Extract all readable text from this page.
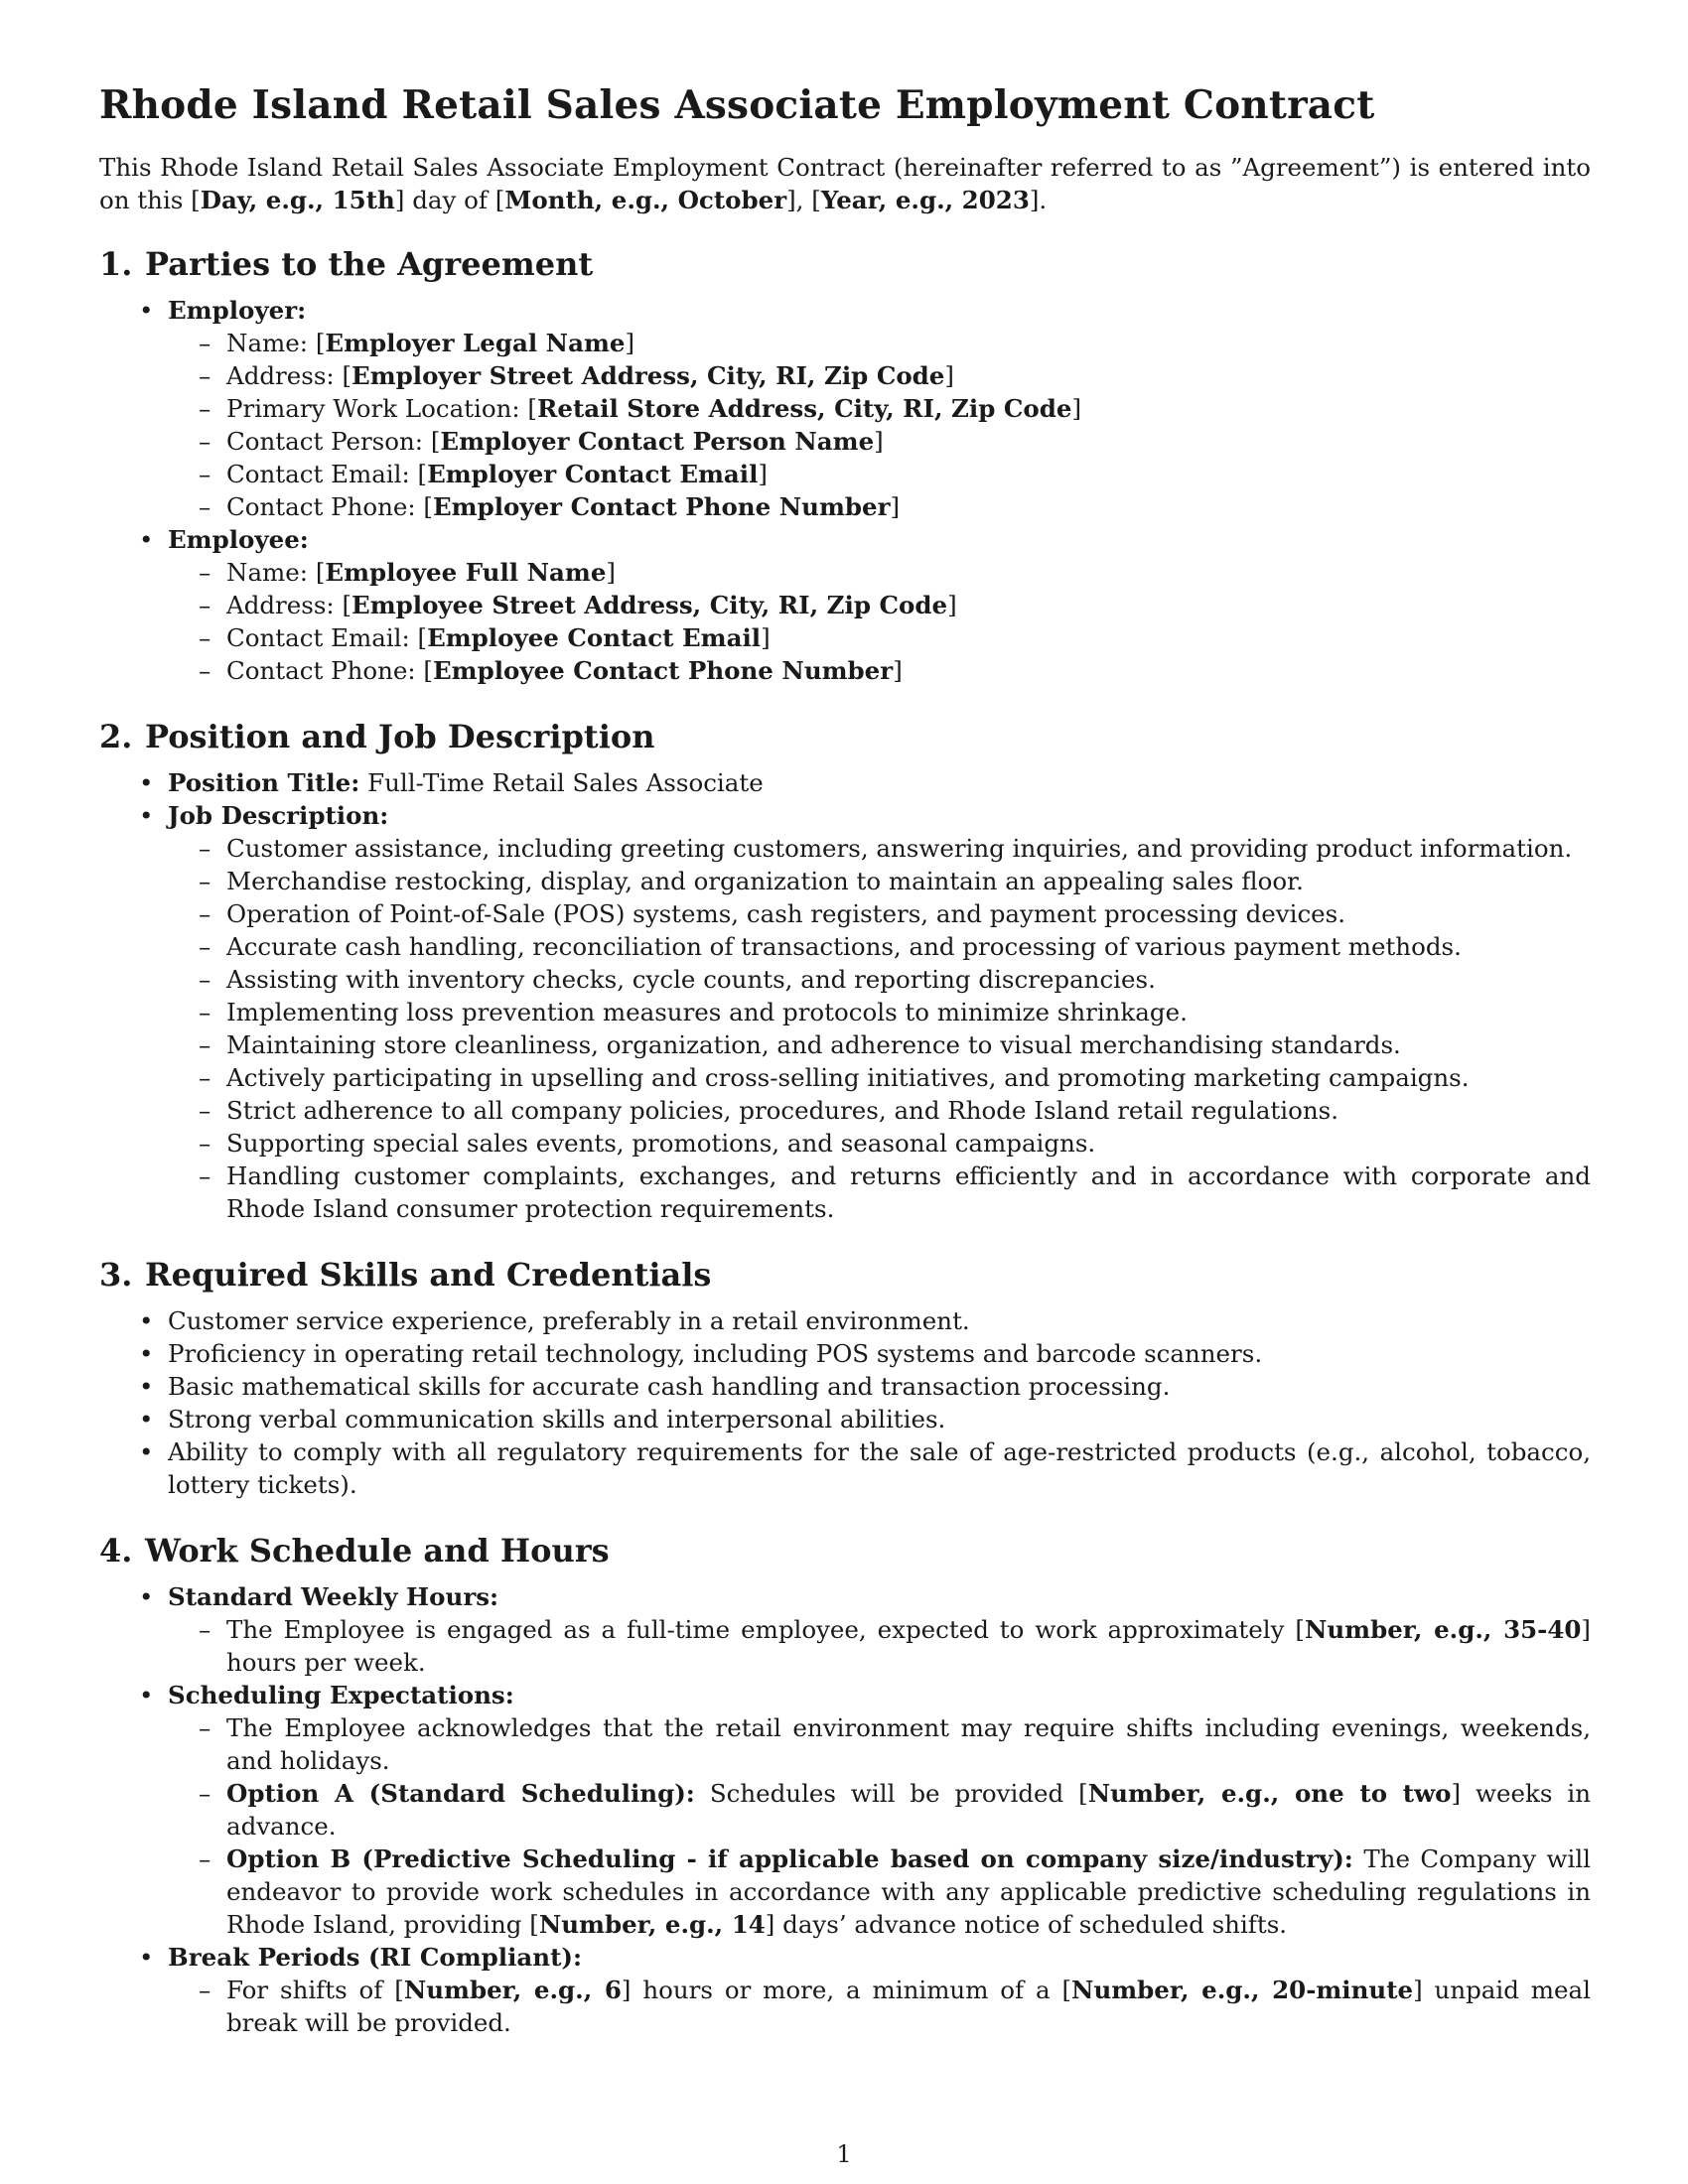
Rhode Island Retail Sales Associate Employment Contract

This Rhode Island Retail Sales Associate Employment Contract (hereinafter referred to as ”Agreement”) is entered into on this [Day, e.g., 15th] day of [Month, e.g., October], [Year, e.g., 2023].

1. Parties to the Agreement
• Employer:
– Name: [Employer Legal Name]
– Address: [Employer Street Address, City, RI, Zip Code]
– Primary Work Location: [Retail Store Address, City, RI, Zip Code]
– Contact Person: [Employer Contact Person Name]
– Contact Email: [Employer Contact Email]
– Contact Phone: [Employer Contact Phone Number]
• Employee:
– Name: [Employee Full Name]
– Address: [Employee Street Address, City, RI, Zip Code]
– Contact Email: [Employee Contact Email]
– Contact Phone: [Employee Contact Phone Number]
2. Position and Job Description
• Position Title: Full-Time Retail Sales Associate
• Job Description:
– Customer assistance, including greeting customers, answering inquiries, and providing product information.
– Merchandise restocking, display, and organization to maintain an appealing sales floor.
– Operation of Point-of-Sale (POS) systems, cash registers, and payment processing devices.
– Accurate cash handling, reconciliation of transactions, and processing of various payment methods.
– Assisting with inventory checks, cycle counts, and reporting discrepancies.
– Implementing loss prevention measures and protocols to minimize shrinkage.
– Maintaining store cleanliness, organization, and adherence to visual merchandising standards.
– Actively participating in upselling and cross-selling initiatives, and promoting marketing campaigns.
– Strict adherence to all company policies, procedures, and Rhode Island retail regulations.
– Supporting special sales events, promotions, and seasonal campaigns.
– Handling customer complaints, exchanges, and returns efficiently and in accordance with corporate and Rhode Island consumer protection requirements.
3. Required Skills and Credentials
• Customer service experience, preferably in a retail environment.
• Proficiency in operating retail technology, including POS systems and barcode scanners.
• Basic mathematical skills for accurate cash handling and transaction processing.
• Strong verbal communication skills and interpersonal abilities.
• Ability to comply with all regulatory requirements for the sale of age-restricted products (e.g., alcohol, tobacco, lottery tickets).
4. Work Schedule and Hours
• Standard Weekly Hours:
– The Employee is engaged as a full-time employee, expected to work approximately [Number, e.g., 35-40] hours per week.
• Scheduling Expectations:
– The Employee acknowledges that the retail environment may require shifts including evenings, weekends, and holidays.
– Option A (Standard Scheduling): Schedules will be provided [Number, e.g., one to two] weeks in advance.
– Option B (Predictive Scheduling - if applicable based on company size/industry): The Company will endeavor to provide work schedules in accordance with any applicable predictive scheduling regulations in Rhode Island, providing [Number, e.g., 14] days’ advance notice of scheduled shifts.
• Break Periods (RI Compliant):
– For shifts of [Number, e.g., 6] hours or more, a minimum of a [Number, e.g., 20-minute] unpaid meal break will be provided.
1
